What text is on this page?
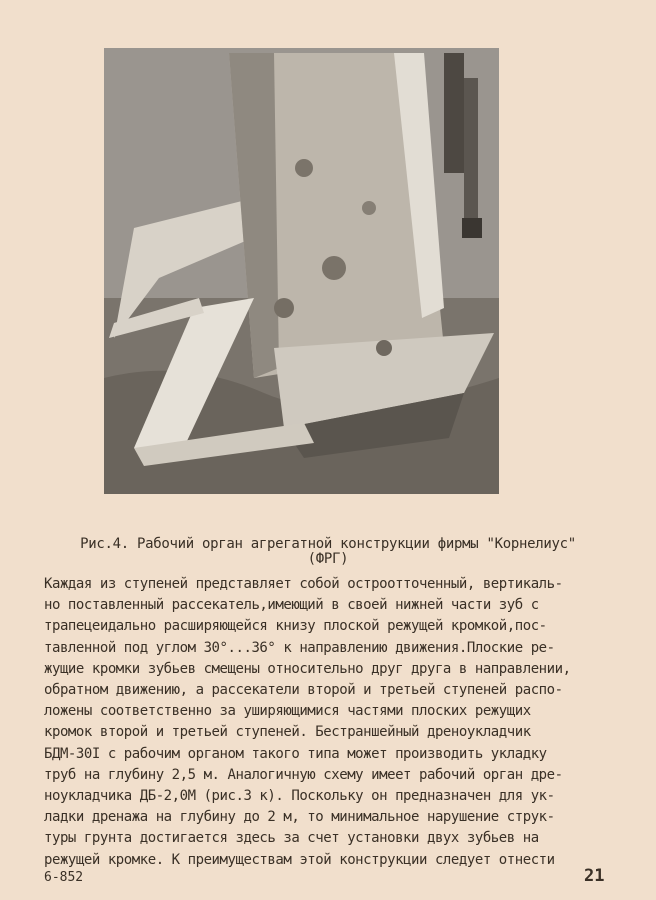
Рис.4. Рабочий орган агрегатной конструкции фирмы "Корнелиус"
(ФРГ)
Каждая из ступеней представляет собой остроотточенный, вертикаль-
но поставленный рассекатель,имеющий в своей нижней части зуб с
трапецеидально расширяющейся книзу плоской режущей кромкой,пос-
тавленной под углом 30°...36° к направлению движения.Плоские ре-
жущие кромки зубьев смещены относительно друг друга в направлении,
обратном движению, а рассекатели второй и третьей ступеней распо-
ложены соответственно за уширяющимися частями плоских режущих
кромок второй и третьей ступеней. Бестраншейный дреноукладчик
БДМ-30I с рабочим органом такого типа может производить укладку
труб на глубину 2,5 м. Аналогичную схему имеет рабочий орган дре-
ноукладчика ДБ-2,0М (рис.3 к). Поскольку он предназначен для ук-
ладки дренажа на глубину до 2 м, то минимальное нарушение струк-
туры грунта достигается здесь за счет установки двух зубьев на
режущей кромке. К преимуществам этой конструкции следует отнести
6-852	21
